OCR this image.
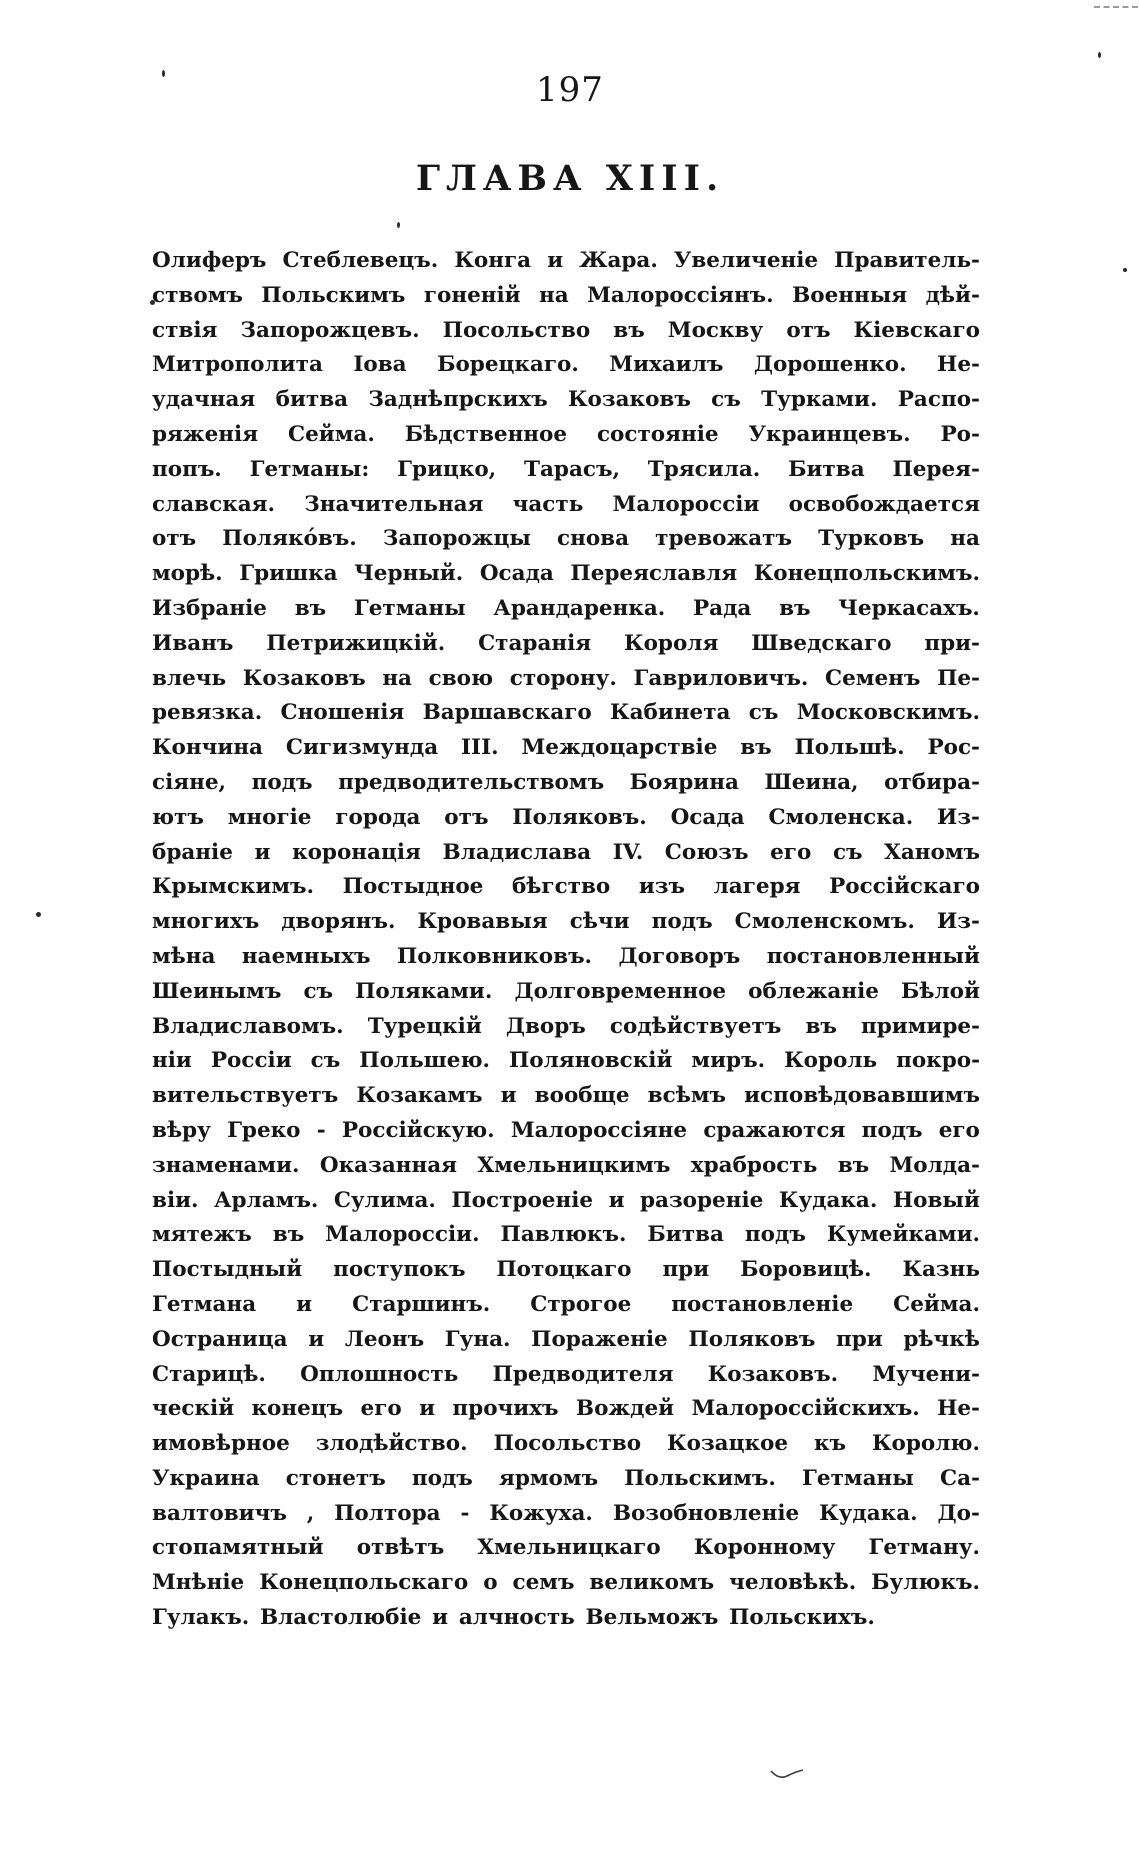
197
ГЛАВА XIII.
Олиферъ Стеблевецъ. Конга и Жара. Увеличеніе Правитель-
ствомъ Польскимъ гоненій на Малороссіянъ. Военныя дѣй-
ствія Запорожцевъ. Посольство въ Москву отъ Кіевскаго
Митрополита Іова Борецкаго. Михаилъ Дорошенко. Не-
удачная битва Заднѣпрскихъ Козаковъ съ Турками. Распо-
ряженія Сейма. Бѣдственное состояніе Украинцевъ. Ро-
попъ. Гетманы: Грицко, Тарасъ, Трясила. Битва Перея-
славская. Значительная часть Малороссіи освобождается
отъ Поляко́въ. Запорожцы снова тревожатъ Турковъ на
морѣ. Гришка Черный. Осада Переяславля Конецпольскимъ.
Избраніе въ Гетманы Арандаренка. Рада въ Черкасахъ.
Иванъ Петрижицкій. Старанія Короля Шведскаго при-
влечь Козаковъ на свою сторону. Гавриловичъ. Семенъ Пе-
ревязка. Сношенія Варшавскаго Кабинета съ Московскимъ.
Кончина Сигизмунда III. Междоцарствіе въ Польшѣ. Рос-
сіяне, подъ предводительствомъ Боярина Шеина, отбира-
ютъ многіе города отъ Поляковъ. Осада Смоленска. Из-
браніе и коронація Владислава IV. Союзъ его съ Ханомъ
Крымскимъ. Постыдное бѣгство изъ лагеря Россійскаго
многихъ дворянъ. Кровавыя сѣчи подъ Смоленскомъ. Из-
мѣна наемныхъ Полковниковъ. Договоръ постановленный
Шеинымъ съ Поляками. Долговременное облежаніе Бѣлой
Владиславомъ. Турецкій Дворъ содѣйствуетъ въ примире-
ніи Россіи съ Польшею. Поляновскій миръ. Король покро-
вительствуетъ Козакамъ и вообще всѣмъ исповѣдовавшимъ
вѣру Греко - Россійскую. Малороссіяне сражаются подъ его
знаменами. Оказанная Хмельницкимъ храбрость въ Молда-
віи. Арламъ. Сулима. Построеніе и разореніе Кудака. Новый
мятежъ въ Малороссіи. Павлюкъ. Битва подъ Кумейками.
Постыдный поступокъ Потоцкаго при Боровицѣ. Казнь
Гетмана и Старшинъ. Строгое постановленіе Сейма.
Остраница и Леонъ Гуна. Пораженіе Поляковъ при рѣчкѣ
Старицѣ. Оплошность Предводителя Козаковъ. Мучени-
ческій конецъ его и прочихъ Вождей Малороссійскихъ. Не-
имовѣрное злодѣйство. Посольство Козацкое къ Королю.
Украина стонетъ подъ ярмомъ Польскимъ. Гетманы Са-
валтовичъ , Полтора - Кожуха. Возобновленіе Кудака. До-
стопамятный отвѣтъ Хмельницкаго Коронному Гетману.
Мнѣніе Конецпольскаго о семъ великомъ человѣкѣ. Булюкъ.
Гулакъ. Властолюбіе и алчность Вельможъ Польскихъ.
